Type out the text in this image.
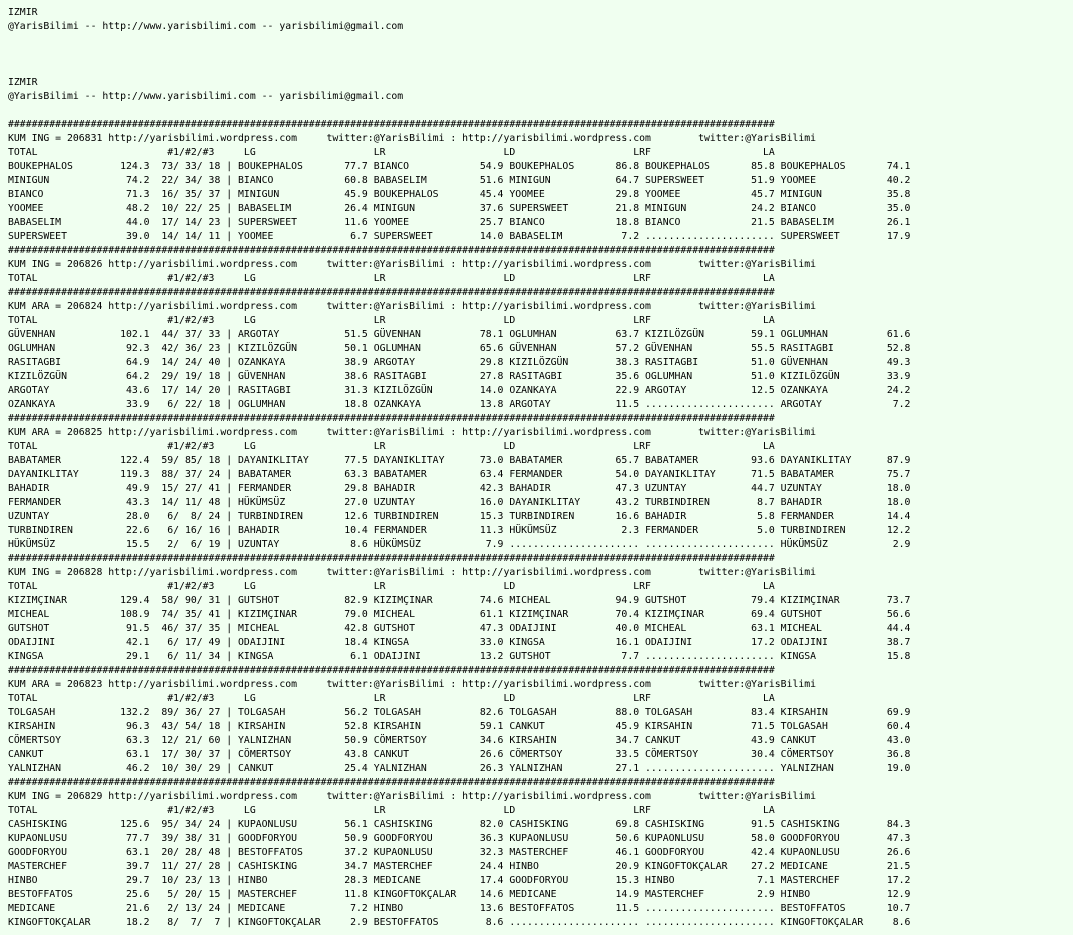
IZMIR
@YarisBilimi -- http://www.yarisbilimi.com -- yarisbilimi@gmail.com
IZMIR
@YarisBilimi -- http://www.yarisbilimi.com -- yarisbilimi@gmail.com
##################################################################################################################################
KUM ING = 206831 http://yarisbilimi.wordpress.com     twitter:@YarisBilimi : http://yarisbilimi.wordpress.com        twitter:@YarisBilimi
TOTAL                      #1/#2/#3     LG                    LR                    LD                    LRF                   LA
BOUKEPHALOS        124.3  73/ 33/ 18 | BOUKEPHALOS       77.7 BIANCO            54.9 BOUKEPHALOS       86.8 BOUKEPHALOS       85.8 BOUKEPHALOS       74.1
MINIGUN             74.2  22/ 34/ 38 | BIANCO            60.8 BABASELIM         51.6 MINIGUN           64.7 SUPERSWEET        51.9 YOOMEE            40.2
BIANCO              71.3  16/ 35/ 37 | MINIGUN           45.9 BOUKEPHALOS       45.4 YOOMEE            29.8 YOOMEE            45.7 MINIGUN           35.8
YOOMEE              48.2  10/ 22/ 25 | BABASELIM         26.4 MINIGUN           37.6 SUPERSWEET        21.8 MINIGUN           24.2 BIANCO            35.0
BABASELIM           44.0  17/ 14/ 23 | SUPERSWEET        11.6 YOOMEE            25.7 BIANCO            18.8 BIANCO            21.5 BABASELIM         26.1
SUPERSWEET          39.0  14/ 14/ 11 | YOOMEE             6.7 SUPERSWEET        14.0 BABASELIM          7.2 ...................... SUPERSWEET        17.9
##################################################################################################################################
KUM ING = 206826 http://yarisbilimi.wordpress.com     twitter:@YarisBilimi : http://yarisbilimi.wordpress.com        twitter:@YarisBilimi
TOTAL                      #1/#2/#3     LG                    LR                    LD                    LRF                   LA
##################################################################################################################################
KUM ARA = 206824 http://yarisbilimi.wordpress.com     twitter:@YarisBilimi : http://yarisbilimi.wordpress.com        twitter:@YarisBilimi
TOTAL                      #1/#2/#3     LG                    LR                    LD                    LRF                   LA
GÜVENHAN           102.1  44/ 37/ 33 | ARGOTAY           51.5 GÜVENHAN          78.1 OGLUMHAN          63.7 KIZILÖZGÜN        59.1 OGLUMHAN          61.6
OGLUMHAN            92.3  42/ 36/ 23 | KIZILÖZGÜN        50.1 OGLUMHAN          65.6 GÜVENHAN          57.2 GÜVENHAN          55.5 RASITAGBI         52.8
RASITAGBI           64.9  14/ 24/ 40 | OZANKAYA          38.9 ARGOTAY           29.8 KIZILÖZGÜN        38.3 RASITAGBI         51.0 GÜVENHAN          49.3
KIZILÖZGÜN          64.2  29/ 19/ 18 | GÜVENHAN          38.6 RASITAGBI         27.8 RASITAGBI         35.6 OGLUMHAN          51.0 KIZILÖZGÜN        33.9
ARGOTAY             43.6  17/ 14/ 20 | RASITAGBI         31.3 KIZILÖZGÜN        14.0 OZANKAYA          22.9 ARGOTAY           12.5 OZANKAYA          24.2
OZANKAYA            33.9   6/ 22/ 18 | OGLUMHAN          18.8 OZANKAYA          13.8 ARGOTAY           11.5 ...................... ARGOTAY            7.2
##################################################################################################################################
KUM ARA = 206825 http://yarisbilimi.wordpress.com     twitter:@YarisBilimi : http://yarisbilimi.wordpress.com        twitter:@YarisBilimi
TOTAL                      #1/#2/#3     LG                    LR                    LD                    LRF                   LA
BABATAMER          122.4  59/ 85/ 18 | DAYANIKLITAY      77.5 DAYANIKLITAY      73.0 BABATAMER         65.7 BABATAMER         93.6 DAYANIKLITAY      87.9
DAYANIKLITAY       119.3  88/ 37/ 24 | BABATAMER         63.3 BABATAMER         63.4 FERMANDER         54.0 DAYANIKLITAY      71.5 BABATAMER         75.7
BAHADIR             49.9  15/ 27/ 41 | FERMANDER         29.8 BAHADIR           42.3 BAHADIR           47.3 UZUNTAY           44.7 UZUNTAY           18.0
FERMANDER           43.3  14/ 11/ 48 | HÜKÜMSÜZ          27.0 UZUNTAY           16.0 DAYANIKLITAY      43.2 TURBINDIREN        8.7 BAHADIR           18.0
UZUNTAY             28.0   6/  8/ 24 | TURBINDIREN       12.6 TURBINDIREN       15.3 TURBINDIREN       16.6 BAHADIR            5.8 FERMANDER         14.4
TURBINDIREN         22.6   6/ 16/ 16 | BAHADIR           10.4 FERMANDER         11.3 HÜKÜMSÜZ           2.3 FERMANDER          5.0 TURBINDIREN       12.2
HÜKÜMSÜZ            15.5   2/  6/ 19 | UZUNTAY            8.6 HÜKÜMSÜZ           7.9 ...................... ...................... HÜKÜMSÜZ           2.9
##################################################################################################################################
KUM ING = 206828 http://yarisbilimi.wordpress.com     twitter:@YarisBilimi : http://yarisbilimi.wordpress.com        twitter:@YarisBilimi
TOTAL                      #1/#2/#3     LG                    LR                    LD                    LRF                   LA
KIZIMÇINAR         129.4  58/ 90/ 31 | GUTSHOT           82.9 KIZIMÇINAR        74.6 MICHEAL           94.9 GUTSHOT           79.4 KIZIMÇINAR        73.7
MICHEAL            108.9  74/ 35/ 41 | KIZIMÇINAR        79.0 MICHEAL           61.1 KIZIMÇINAR        70.4 KIZIMÇINAR        69.4 GUTSHOT           56.6
GUTSHOT             91.5  46/ 37/ 35 | MICHEAL           42.8 GUTSHOT           47.3 ODAIJINI          40.0 MICHEAL           63.1 MICHEAL           44.4
ODAIJINI            42.1   6/ 17/ 49 | ODAIJINI          18.4 KINGSA            33.0 KINGSA            16.1 ODAIJINI          17.2 ODAIJINI          38.7
KINGSA              29.1   6/ 11/ 34 | KINGSA             6.1 ODAIJINI          13.2 GUTSHOT            7.7 ...................... KINGSA            15.8
##################################################################################################################################
KUM ARA = 206823 http://yarisbilimi.wordpress.com     twitter:@YarisBilimi : http://yarisbilimi.wordpress.com        twitter:@YarisBilimi
TOTAL                      #1/#2/#3     LG                    LR                    LD                    LRF                   LA
TOLGASAH           132.2  89/ 36/ 27 | TOLGASAH          56.2 TOLGASAH          82.6 TOLGASAH          88.0 TOLGASAH          83.4 KIRSAHIN          69.9
KIRSAHIN            96.3  43/ 54/ 18 | KIRSAHIN          52.8 KIRSAHIN          59.1 CANKUT            45.9 KIRSAHIN          71.5 TOLGASAH          60.4
CÖMERTSOY           63.3  12/ 21/ 60 | YALNIZHAN         50.9 CÖMERTSOY         34.6 KIRSAHIN          34.7 CANKUT            43.9 CANKUT            43.0
CANKUT              63.1  17/ 30/ 37 | CÖMERTSOY         43.8 CANKUT            26.6 CÖMERTSOY         33.5 CÖMERTSOY         30.4 CÖMERTSOY         36.8
YALNIZHAN           46.2  10/ 30/ 29 | CANKUT            25.4 YALNIZHAN         26.3 YALNIZHAN         27.1 ...................... YALNIZHAN         19.0
##################################################################################################################################
KUM ING = 206829 http://yarisbilimi.wordpress.com     twitter:@YarisBilimi : http://yarisbilimi.wordpress.com        twitter:@YarisBilimi
TOTAL                      #1/#2/#3     LG                    LR                    LD                    LRF                   LA
CASHISKING         125.6  95/ 34/ 24 | KUPAONLUSU        56.1 CASHISKING        82.0 CASHISKING        69.8 CASHISKING        91.5 CASHISKING        84.3
KUPAONLUSU          77.7  39/ 38/ 31 | GOODFORYOU        50.9 GOODFORYOU        36.3 KUPAONLUSU        50.6 KUPAONLUSU        58.0 GOODFORYOU        47.3
GOODFORYOU          63.1  20/ 28/ 48 | BESTOFFATOS       37.2 KUPAONLUSU        32.3 MASTERCHEF        46.1 GOODFORYOU        42.4 KUPAONLUSU        26.6
MASTERCHEF          39.7  11/ 27/ 28 | CASHISKING        34.7 MASTERCHEF        24.4 HINBO             20.9 KINGOFTOKÇALAR    27.2 MEDICANE          21.5
HINBO               29.7  10/ 23/ 13 | HINBO             28.3 MEDICANE          17.4 GOODFORYOU        15.3 HINBO              7.1 MASTERCHEF        17.2
BESTOFFATOS         25.6   5/ 20/ 15 | MASTERCHEF        11.8 KINGOFTOKÇALAR    14.6 MEDICANE          14.9 MASTERCHEF         2.9 HINBO             12.9
MEDICANE            21.6   2/ 13/ 24 | MEDICANE           7.2 HINBO             13.6 BESTOFFATOS       11.5 ...................... BESTOFFATOS       10.7
KINGOFTOKÇALAR      18.2   8/  7/  7 | KINGOFTOKÇALAR     2.9 BESTOFFATOS        8.6 ...................... ...................... KINGOFTOKÇALAR     8.6
